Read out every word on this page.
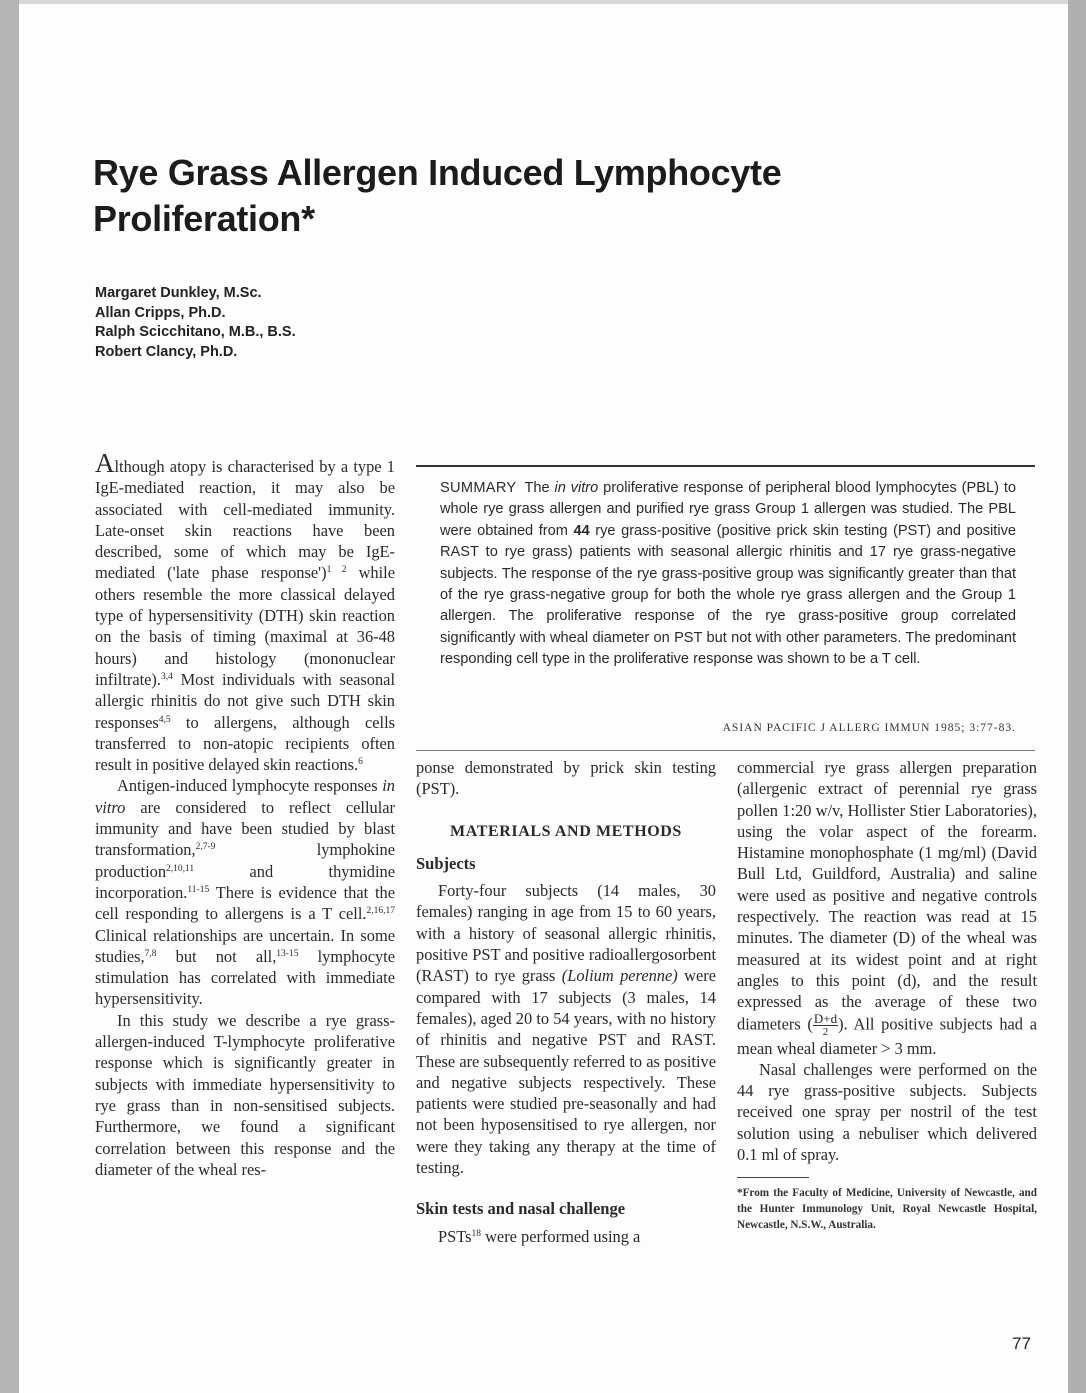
Rye Grass Allergen Induced Lymphocyte
Proliferation*
Margaret Dunkley, M.Sc.
Allan Cripps, Ph.D.
Ralph Scicchitano, M.B., B.S.
Robert Clancy, Ph.D.

Although atopy is characterised by a type 1 IgE-mediated reaction, it may also be associated with cell-mediated immunity. Late-onset skin reactions have been described, some of which may be IgE-mediated ('late phase response')$^{1 2}$ while others resemble the more classical delayed type of hypersensitivity (DTH) skin reaction on the basis of timing (maximal at 36-48 hours) and histology (mononuclear infiltrate).$^{3,4}$ Most individuals with seasonal allergic rhinitis do not give such DTH skin responses$^{4,5}$ to allergens, although cells transferred to non-atopic recipients often result in positive delayed skin reactions.$^6$

Antigen-induced lymphocyte responses in vitro are considered to reflect cellular immunity and have been studied by blast transformation,$^{2,7-9}$ lymphokine production$^{2,10,11}$ and thymidine incorporation.$^{11-15}$ There is evidence that the cell responding to allergens is a T cell.$^{2,16,17}$ Clinical relationships are uncertain. In some studies,$^{7,8}$ but not all,$^{13-15}$ lymphocyte stimulation has correlated with immediate hypersensitivity.

In this study we describe a rye grass-allergen-induced T-lymphocyte proliferative response which is significantly greater in subjects with immediate hypersensitivity to rye grass than in non-sensitised subjects. Furthermore, we found a significant correlation between this response and the diameter of the wheal res-

SUMMARY The in vitro proliferative response of peripheral blood lymphocytes (PBL) to whole rye grass allergen and purified rye grass Group 1 allergen was studied. The PBL were obtained from 44 rye grass-positive (positive prick skin testing (PST) and positive RAST to rye grass) patients with seasonal allergic rhinitis and 17 rye grass-negative subjects. The response of the rye grass-positive group was significantly greater than that of the rye grass-negative group for both the whole rye grass allergen and the Group 1 allergen. The proliferative response of the rye grass-positive group correlated significantly with wheal diameter on PST but not with other parameters. The predominant responding cell type in the proliferative response was shown to be a T cell.
ASIAN PACIFIC J ALLERG IMMUN 1985; 3:77-83.

ponse demonstrated by prick skin testing (PST).

MATERIALS AND METHODS
Subjects

Forty-four subjects (14 males, 30 females) ranging in age from 15 to 60 years, with a history of seasonal allergic rhinitis, positive PST and positive radioallergosorbent (RAST) to rye grass (Lolium perenne) were compared with 17 subjects (3 males, 14 females), aged 20 to 54 years, with no history of rhinitis and negative PST and RAST. These are subsequently referred to as positive and negative subjects respectively. These patients were studied pre-seasonally and had not been hyposensitised to rye allergen, nor were they taking any therapy at the time of testing.

Skin tests and nasal challenge

PSTs$^{18}$ were performed using a

commercial rye grass allergen preparation (allergenic extract of perennial rye grass pollen 1:20 w/v, Hollister Stier Laboratories), using the volar aspect of the forearm. Histamine monophosphate (1 mg/ml) (David Bull Ltd, Guildford, Australia) and saline were used as positive and negative controls respectively. The reaction was read at 15 minutes. The diameter (D) of the wheal was measured at its widest point and at right angles to this point (d), and the result expressed as the average of these two diameters ( $\frac{D+d}{2}$ ). All positive subjects had a mean wheal diameter > 3 mm.

Nasal challenges were performed on the 44 rye grass-positive subjects. Subjects received one spray per nostril of the test solution using a nebuliser which delivered 0.1 ml of spray.

*From the Faculty of Medicine, University of Newcastle, and the Hunter Immunology Unit, Royal Newcastle Hospital, Newcastle, N.S.W., Australia.
77
